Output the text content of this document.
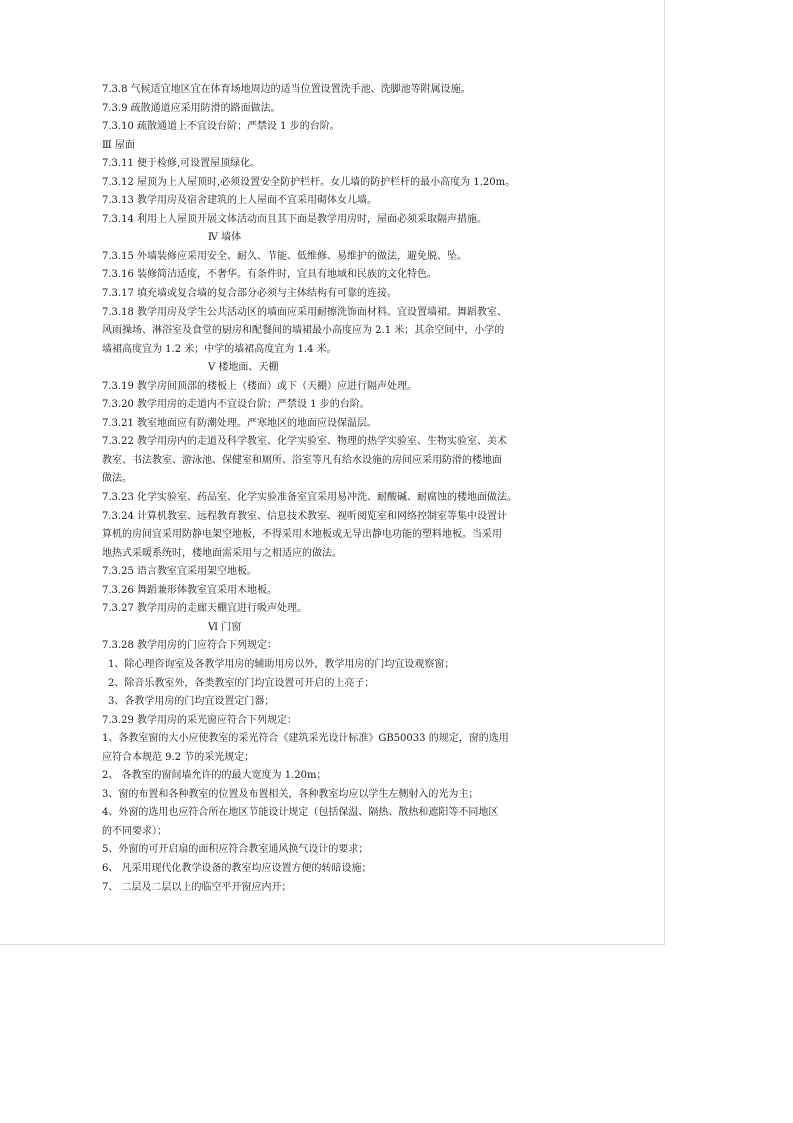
7.3.8 气候适宜地区宜在体育场地周边的适当位置设置洗手池、洗脚池等附属设施。
7.3.9 疏散通道应采用防滑的路面做法。
7.3.10 疏散通道上不宜设台阶；严禁设 1 步的台阶。
Ⅲ 屋面
7.3.11 便于检修,可设置屋顶绿化。
7.3.12 屋顶为上人屋顶时,必须设置安全防护栏杆。女儿墙的防护栏杆的最小高度为 1.20m。
7.3.13 教学用房及宿舍建筑的上人屋面不宜采用砌体女儿墙。
7.3.14 利用上人屋顶开展文体活动而且其下面是教学用房时，屋面必须采取隔声措施。
Ⅳ 墙体
7.3.15 外墙装修应采用安全、耐久、节能、低维修、易维护的做法，避免脱、坠。
7.3.16 装修简洁适度，不奢华。有条件时，宜具有地域和民族的文化特色。
7.3.17 填充墙或复合墙的复合部分必须与主体结构有可靠的连接。
7.3.18 教学用房及学生公共活动区的墙面应采用耐擦洗饰面材料。宜设置墙裙。舞蹈教室、
风雨操场、淋浴室及食堂的厨房和配餐间的墙裙最小高度应为 2.1 米；其余空间中，小学的
墙裙高度宜为 1.2 米；中学的墙裙高度宜为 1.4 米。
Ⅴ 楼地面、天棚
7.3.19 教学房间顶部的楼板上（楼面）或下（天棚）应进行隔声处理。
7.3.20 教学用房的走道内不宜设台阶；严禁设 1 步的台阶。
7.3.21 教室地面应有防潮处理。严寒地区的地面应设保温层。
7.3.22 教学用房内的走道及科学教室、化学实验室、物理的热学实验室、生物实验室、美术
教室、书法教室、游泳池、保健室和厕所、浴室等凡有给水设施的房间应采用防滑的楼地面
做法。
7.3.23 化学实验室、药品室、化学实验准备室宜采用易冲洗、耐酸碱、耐腐蚀的楼地面做法。
7.3.24 计算机教室、远程教育教室、信息技术教室、视听阅览室和网络控制室等集中设置计
算机的房间宜采用防静电架空地板，不得采用木地板或无导出静电功能的塑料地板。当采用
地热式采暖系统时，楼地面需采用与之相适应的做法。
7.3.25 语言教室宜采用架空地板。
7.3.26 舞蹈兼形体教室宜采用木地板。
7.3.27 教学用房的走廊天棚宜进行吸声处理。
Ⅵ 门窗
7.3.28 教学用房的门应符合下列规定：
1、除心理咨询室及各教学用房的辅助用房以外，教学用房的门均宜设观察窗；
2、除音乐教室外，各类教室的门均宜设置可开启的上亮子；
3、各教学用房的门均宜设置定门器；
7.3.29 教学用房的采光窗应符合下列规定：
1、各教室窗的大小应使教室的采光符合《建筑采光设计标准》GB50033 的规定，窗的选用
应符合本规范 9.2 节的采光规定；
2、 各教室的窗间墙允许的的最大宽度为 1.20m；
3、窗的布置和各种教室的位置及布置相关，各种教室均应以学生左侧射入的光为主；
4、外窗的选用也应符合所在地区节能设计规定（包括保温、隔热、散热和遮阳等不同地区
的不同要求）；
5、外窗的可开启扇的面积应符合教室通风换气设计的要求；
6、 凡采用现代化教学设备的教室均应设置方便的转暗设施；
7、 二层及二层以上的临空平开窗应内开；
